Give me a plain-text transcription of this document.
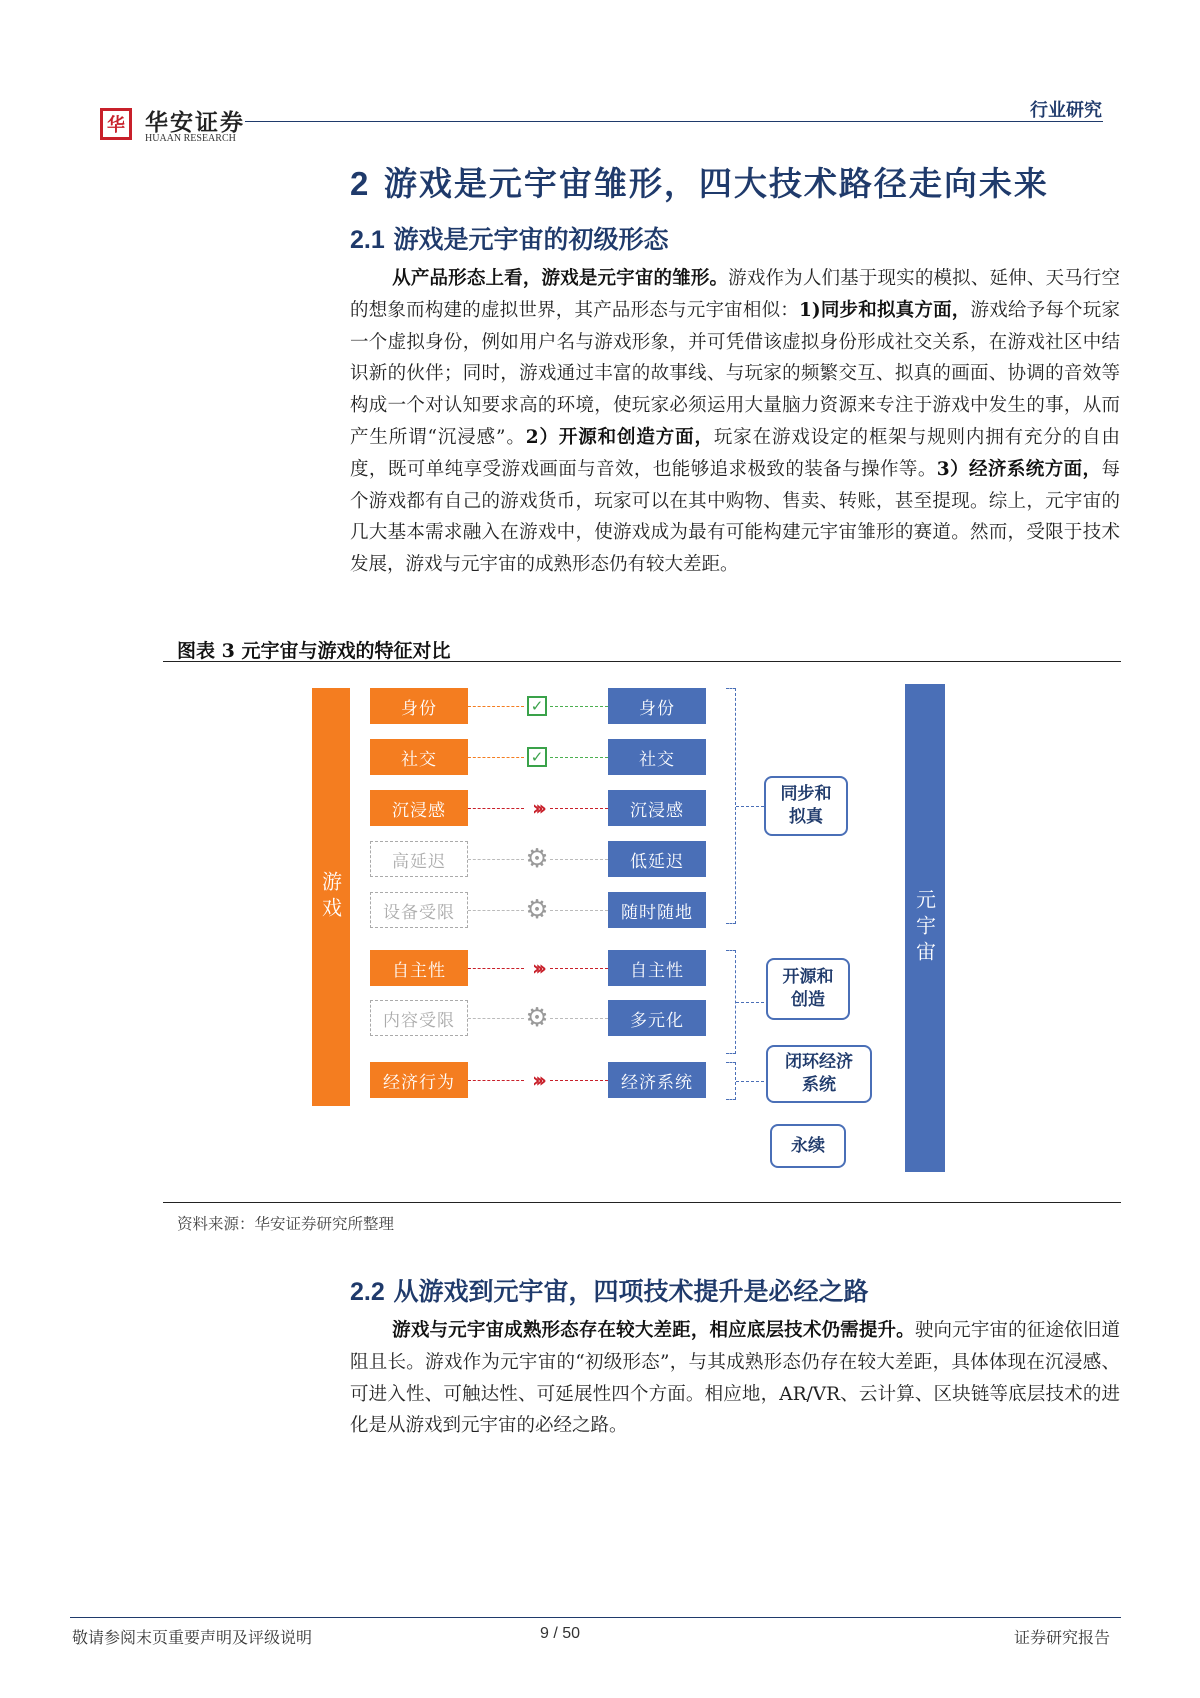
华 华安证券
HUAAN RESEARCH
行业研究
2 游戏是元宇宙雏形，四大技术路径走向未来
2.1 游戏是元宇宙的初级形态
从产品形态上看，游戏是元宇宙的雏形。游戏作为人们基于现实的模拟、延伸、天马行空的想象而构建的虚拟世界，其产品形态与元宇宙相似：1)同步和拟真方面，游戏给予每个玩家一个虚拟身份，例如用户名与游戏形象，并可凭借该虚拟身份形成社交关系，在游戏社区中结识新的伙伴；同时，游戏通过丰富的故事线、与玩家的频繁交互、拟真的画面、协调的音效等构成一个对认知要求高的环境，使玩家必须运用大量脑力资源来专注于游戏中发生的事，从而产生所谓“沉浸感”。2）开源和创造方面，玩家在游戏设定的框架与规则内拥有充分的自由度，既可单纯享受游戏画面与音效，也能够追求极致的装备与操作等。3）经济系统方面，每个游戏都有自己的游戏货币，玩家可以在其中购物、售卖、转账，甚至提现。综上，元宇宙的几大基本需求融入在游戏中，使游戏成为最有可能构建元宇宙雏形的赛道。然而，受限于技术发展，游戏与元宇宙的成熟形态仍有较大差距。
图表 3 元宇宙与游戏的特征对比
游戏	元宇宙
身份	✓	身份
社交	✓	社交
沉浸感	›››	沉浸感
高延迟	⚙	低延迟
设备受限	⚙	随时随地
自主性	›››	自主性
内容受限	⚙	多元化
经济行为	›››	经济系统
同步和
拟真
开源和
创造
闭环经济
系统
永续
资料来源：华安证券研究所整理
2.2 从游戏到元宇宙，四项技术提升是必经之路
游戏与元宇宙成熟形态存在较大差距，相应底层技术仍需提升。驶向元宇宙的征途依旧道阻且长。游戏作为元宇宙的“初级形态”，与其成熟形态仍存在较大差距，具体体现在沉浸感、可进入性、可触达性、可延展性四个方面。相应地，AR/VR、云计算、区块链等底层技术的进化是从游戏到元宇宙的必经之路。
敬请参阅末页重要声明及评级说明	9 / 50	证券研究报告
